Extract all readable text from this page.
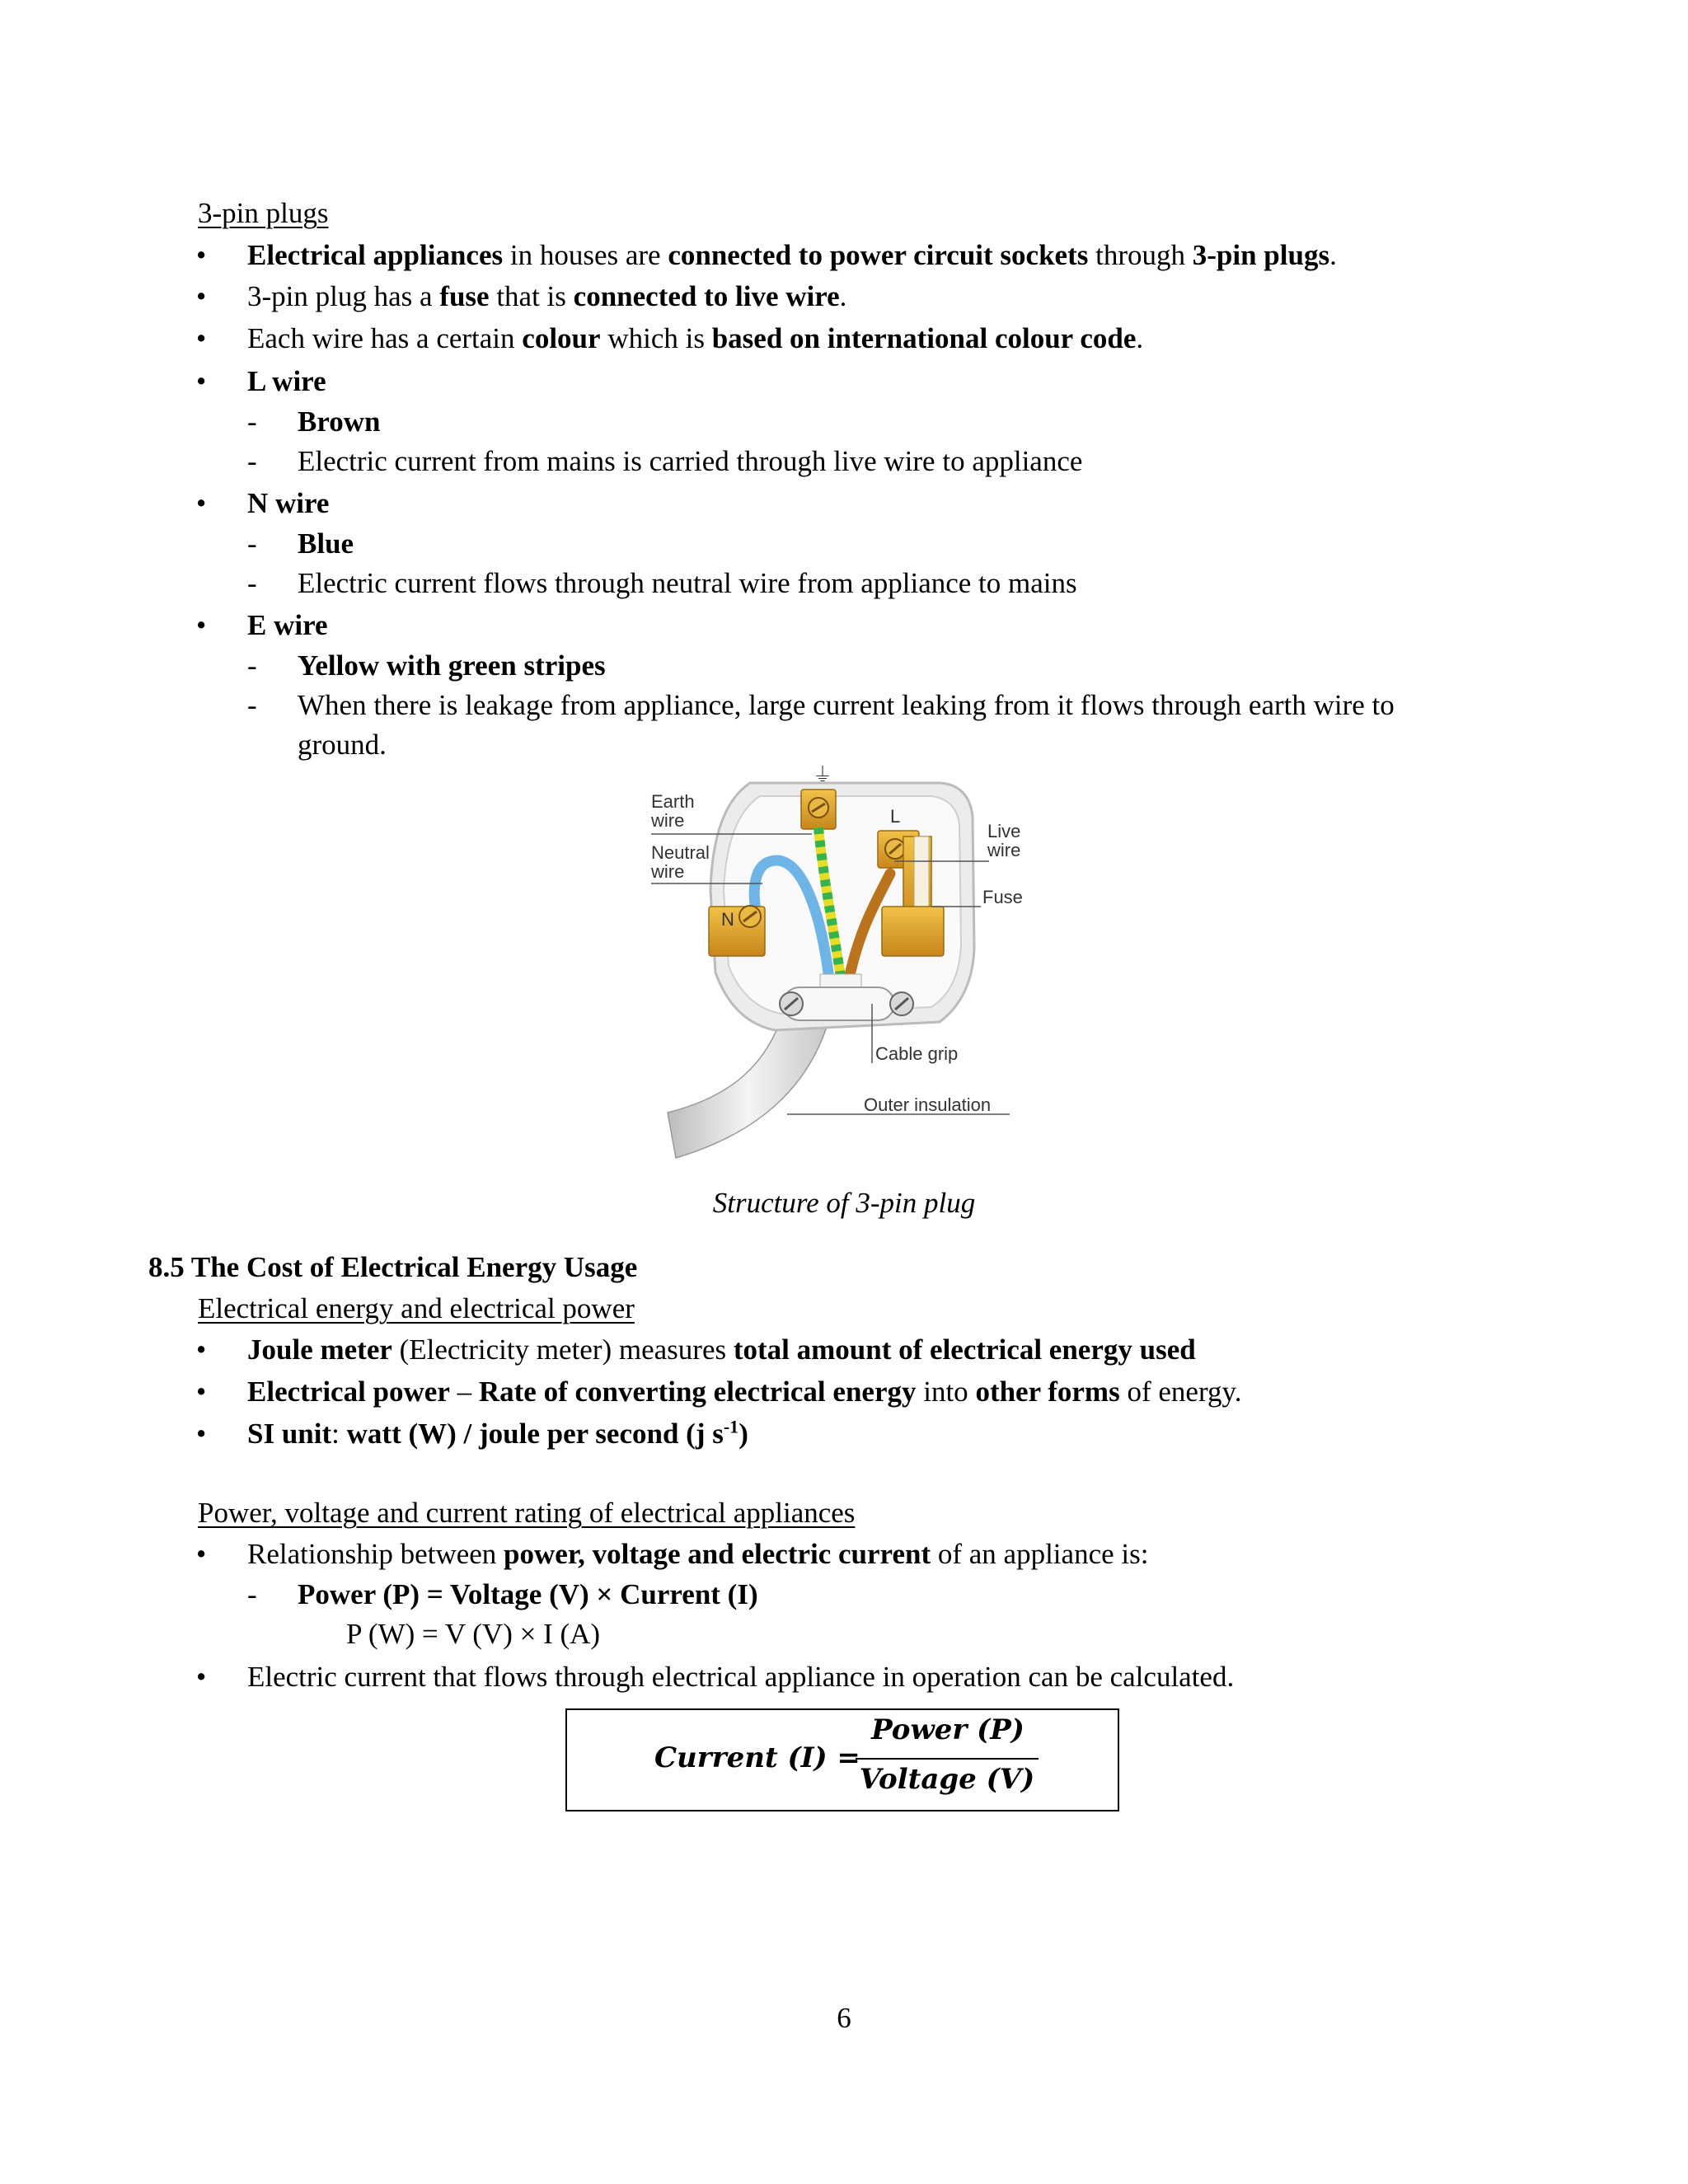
3-pin plugs
• Electrical appliances in houses are connected to power circuit sockets through 3-pin plugs.
• 3-pin plug has a fuse that is connected to live wire.
• Each wire has a certain colour which is based on international colour code.
• L wire
- Brown
- Electric current from mains is carried through live wire to appliance
• N wire
- Blue
- Electric current flows through neutral wire from appliance to mains
• E wire
- Yellow with green stripes
- When there is leakage from appliance, large current leaking from it flows through earth wire to
ground.
⏚
L
N
Earth
wire
Neutral
wire
Live
wire
Fuse
Cable grip
Outer insulation
Structure of 3-pin plug
8.5 The Cost of Electrical Energy Usage
Electrical energy and electrical power
• Joule meter (Electricity meter) measures total amount of electrical energy used
• Electrical power – Rate of converting electrical energy into other forms of energy.
• SI unit: watt (W) / joule per second (j $s^{-1}$)
Power, voltage and current rating of electrical appliances
• Relationship between power, voltage and electric current of an appliance is:
- Power (P) = Voltage (V) × Current (I)
P (W) = V (V) × I (A)
• Electric current that flows through electrical appliance in operation can be calculated.
Current (I) =
Power (P)
Voltage (V)
6
